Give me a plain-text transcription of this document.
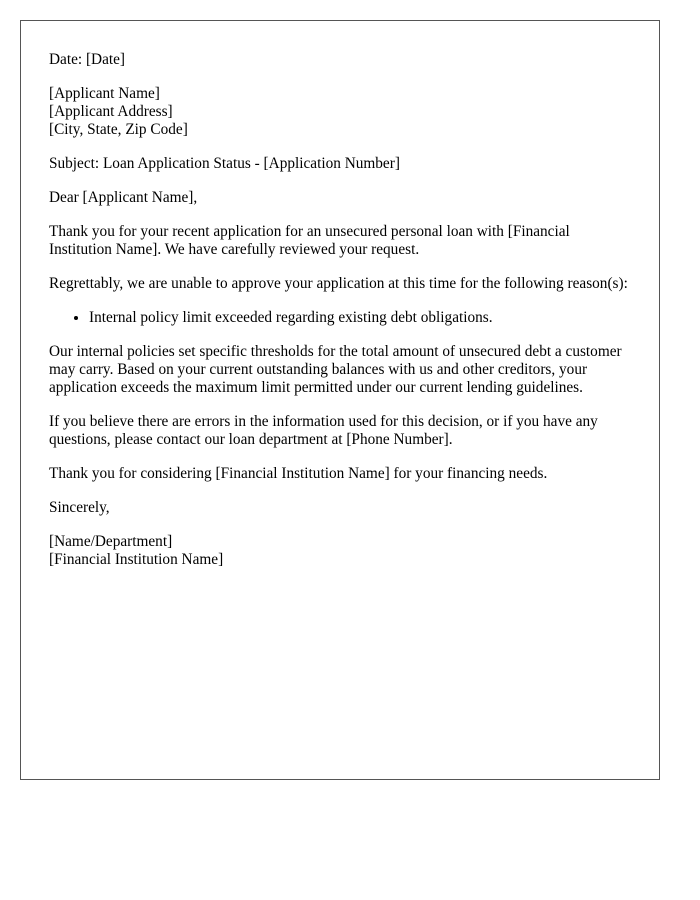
Date: [Date]

[Applicant Name]
[Applicant Address]
[City, State, Zip Code]

Subject: Loan Application Status - [Application Number]

Dear [Applicant Name],

Thank you for your recent application for an unsecured personal loan with [Financial Institution Name]. We have carefully reviewed your request.

Regrettably, we are unable to approve your application at this time for the following reason(s):

• Internal policy limit exceeded regarding existing debt obligations.

Our internal policies set specific thresholds for the total amount of unsecured debt a customer may carry. Based on your current outstanding balances with us and other creditors, your application exceeds the maximum limit permitted under our current lending guidelines.

If you believe there are errors in the information used for this decision, or if you have any questions, please contact our loan department at [Phone Number].

Thank you for considering [Financial Institution Name] for your financing needs.

Sincerely,

[Name/Department]
[Financial Institution Name]
